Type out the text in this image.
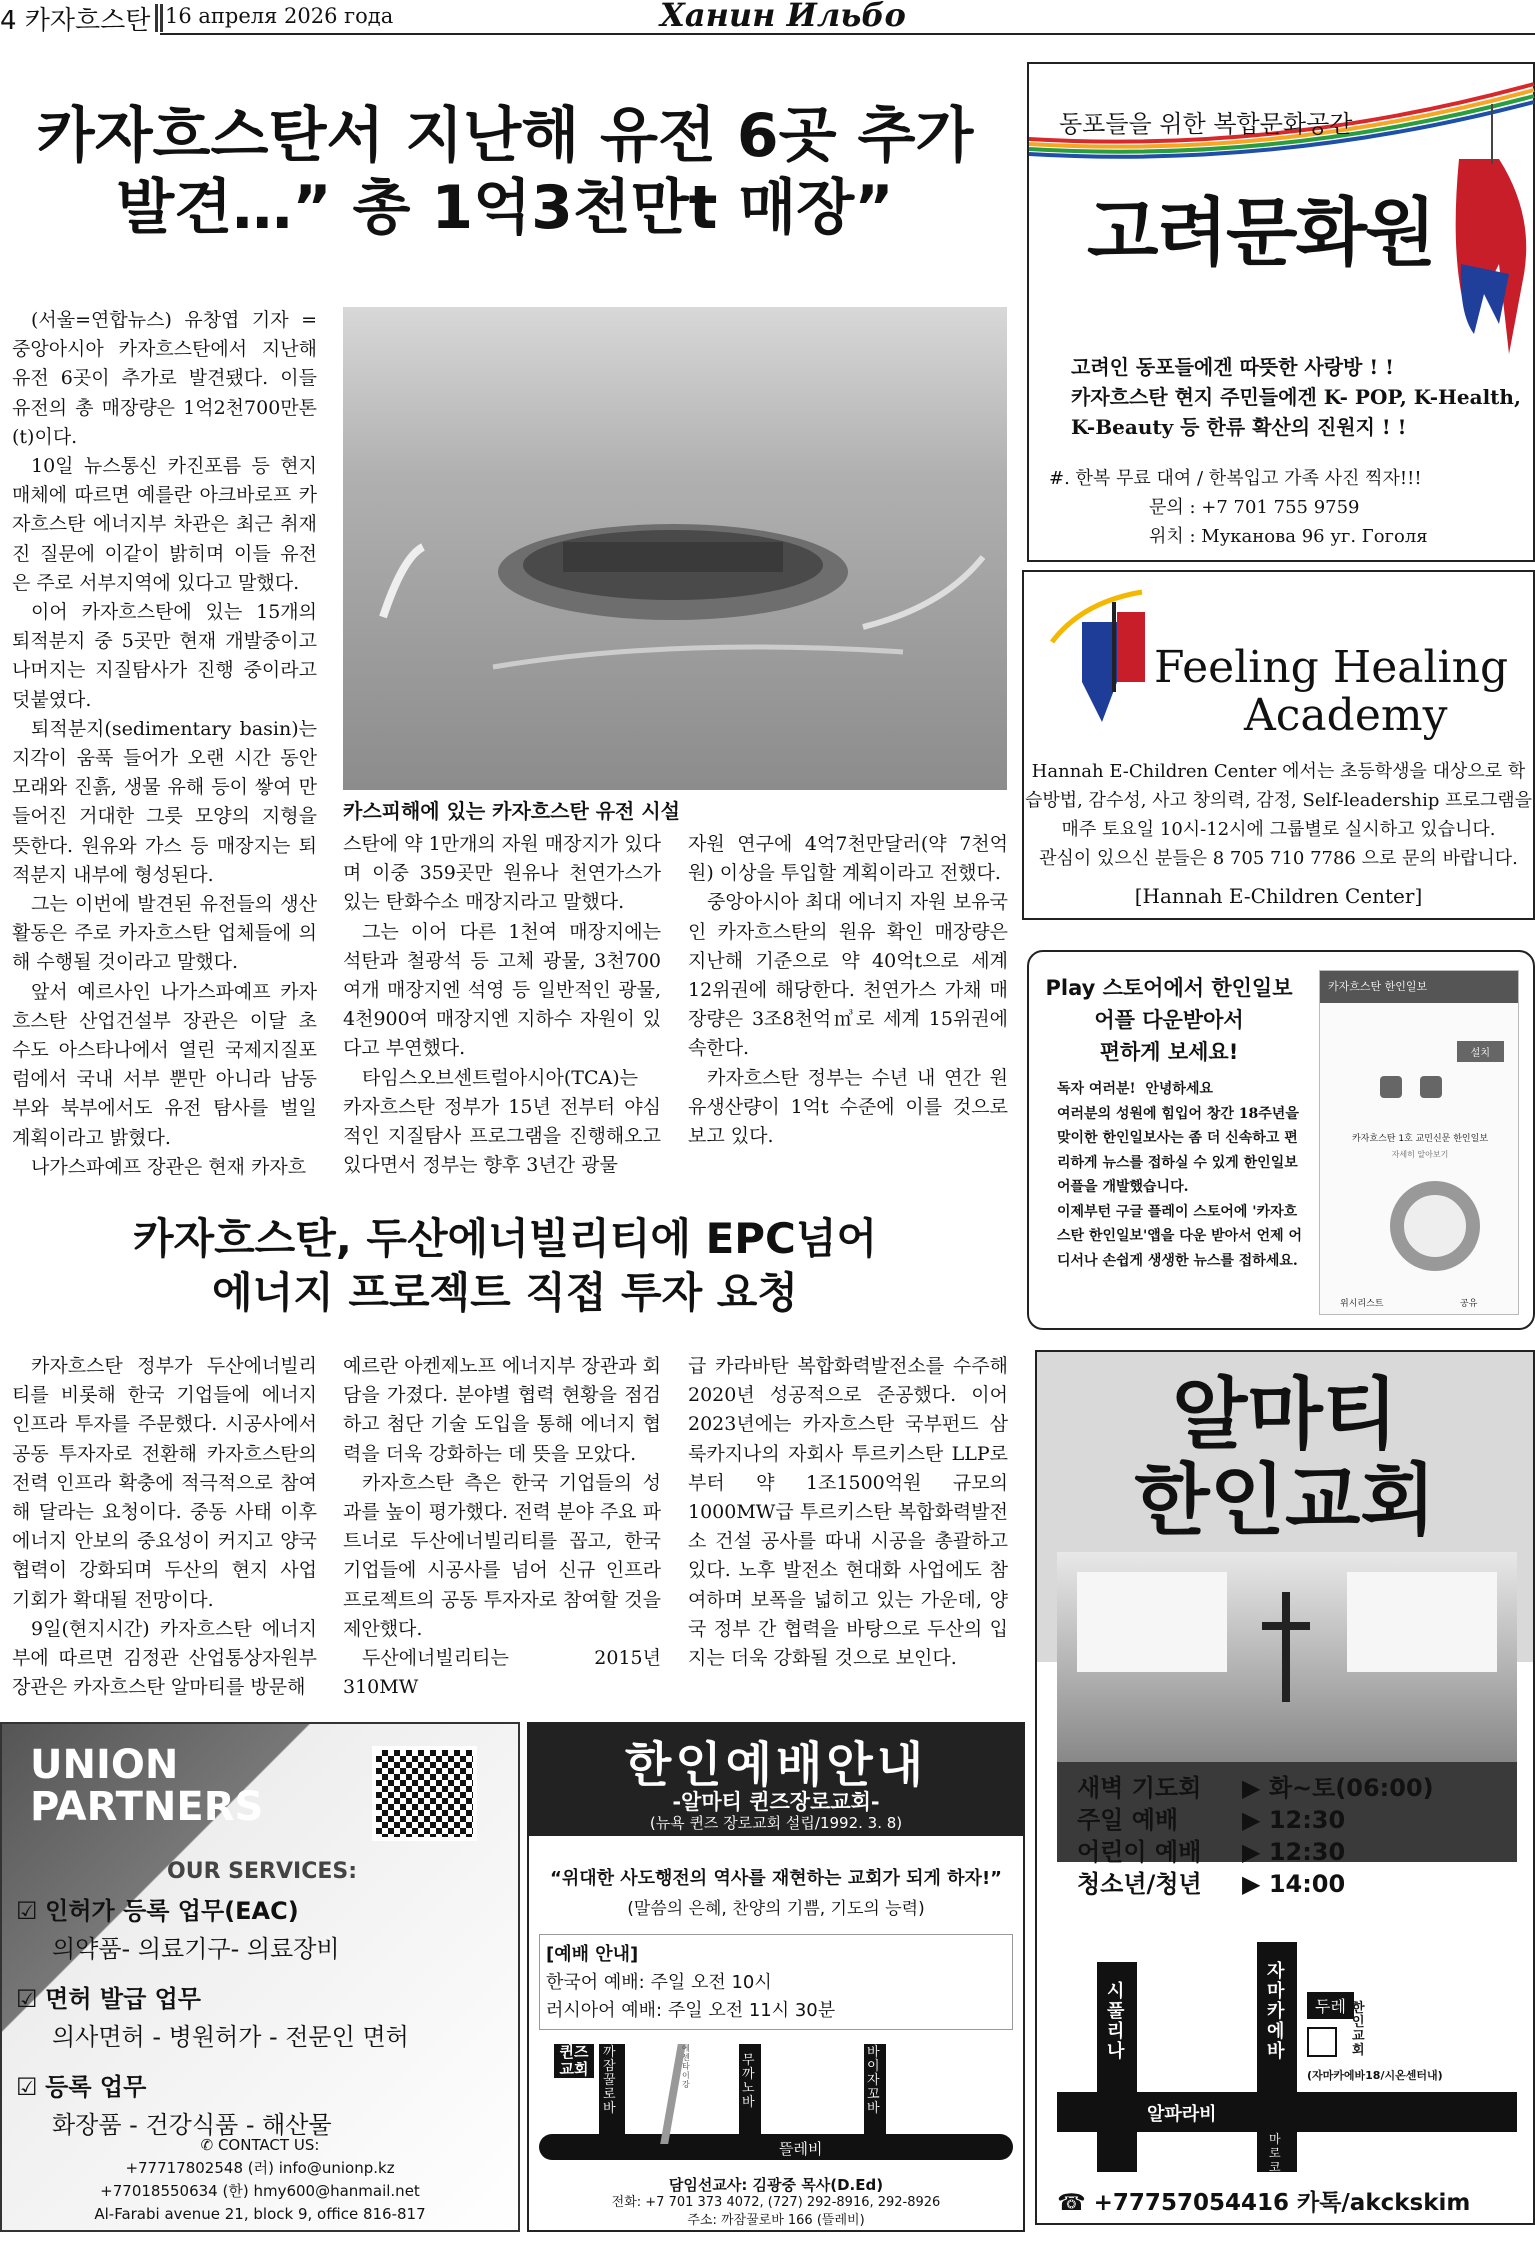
4 카자흐스탄 16 апреля 2026 года	Ханин Ильбо
카자흐스탄서 지난해 유전 6곳 추가
발견…” 총 1억3천만t 매장”
카스피해에 있는 카자흐스탄 유전 시설

(서울=연합뉴스) 유창엽 기자 = 중앙아시아 카자흐스탄에서 지난해 유전 6곳이 추가로 발견됐다. 이들 유전의 총 매장량은 1억2천700만톤(t)이다.

10일 뉴스통신 카진포름 등 현지 매체에 따르면 예를란 아크바로프 카자흐스탄 에너지부 차관은 최근 취재진 질문에 이같이 밝히며 이들 유전은 주로 서부지역에 있다고 말했다.

이어 카자흐스탄에 있는 15개의 퇴적분지 중 5곳만 현재 개발중이고 나머지는 지질탐사가 진행 중이라고 덧붙였다.

퇴적분지(sedimentary basin)는 지각이 움푹 들어가 오랜 시간 동안 모래와 진흙, 생물 유해 등이 쌓여 만들어진 거대한 그릇 모양의 지형을 뜻한다. 원유와 가스 등 매장지는 퇴적분지 내부에 형성된다.

그는 이번에 발견된 유전들의 생산 활동은 주로 카자흐스탄 업체들에 의해 수행될 것이라고 말했다.

앞서 예르사인 나가스파예프 카자흐스탄 산업건설부 장관은 이달 초 수도 아스타나에서 열린 국제지질포럼에서 국내 서부 뿐만 아니라 남동부와 북부에서도 유전 탐사를 벌일 계획이라고 밝혔다.

나가스파예프 장관은 현재 카자흐

스탄에 약 1만개의 자원 매장지가 있다며 이중 359곳만 원유나 천연가스가 있는 탄화수소 매장지라고 말했다.

그는 이어 다른 1천여 매장지에는 석탄과 철광석 등 고체 광물, 3천700여개 매장지엔 석영 등 일반적인 광물, 4천900여 매장지엔 지하수 자원이 있다고 부연했다.

타임스오브센트럴아시아(TCA)는 카자흐스탄 정부가 15년 전부터 야심적인 지질탐사 프로그램을 진행해오고 있다면서 정부는 향후 3년간 광물

자원 연구에 4억7천만달러(약 7천억원) 이상을 투입할 계획이라고 전했다.

중앙아시아 최대 에너지 자원 보유국인 카자흐스탄의 원유 확인 매장량은 지난해 기준으로 약 40억t으로 세계 12위권에 해당한다. 천연가스 가채 매장량은 3조8천억㎥로 세계 15위권에 속한다.

카자흐스탄 정부는 수년 내 연간 원유생산량이 1억t 수준에 이를 것으로 보고 있다.

카자흐스탄, 두산에너빌리티에 EPC넘어
에너지 프로젝트 직접 투자 요청

카자흐스탄 정부가 두산에너빌리티를 비롯해 한국 기업들에 에너지 인프라 투자를 주문했다. 시공사에서 공동 투자자로 전환해 카자흐스탄의 전력 인프라 확충에 적극적으로 참여해 달라는 요청이다. 중동 사태 이후 에너지 안보의 중요성이 커지고 양국 협력이 강화되며 두산의 현지 사업 기회가 확대될 전망이다.

9일(현지시간) 카자흐스탄 에너지부에 따르면 김정관 산업통상자원부 장관은 카자흐스탄 알마티를 방문해

예르란 아켄제노프 에너지부 장관과 회담을 가졌다. 분야별 협력 현황을 점검하고 첨단 기술 도입을 통해 에너지 협력을 더욱 강화하는 데 뜻을 모았다.

카자흐스탄 측은 한국 기업들의 성과를 높이 평가했다. 전력 분야 주요 파트너로 두산에너빌리티를 꼽고, 한국 기업들에 시공사를 넘어 신규 인프라 프로젝트의 공동 투자자로 참여할 것을 제안했다.

두산에너빌리티는 2015년 310MW

급 카라바탄 복합화력발전소를 수주해 2020년 성공적으로 준공했다. 이어 2023년에는 카자흐스탄 국부펀드 삼룩카지나의 자회사 투르키스탄 LLP로부터 약 1조1500억원 규모의 1000MW급 투르키스탄 복합화력발전소 건설 공사를 따내 시공을 총괄하고 있다. 노후 발전소 현대화 사업에도 참여하며 보폭을 넓히고 있는 가운데, 양국 정부 간 협력을 바탕으로 두산의 입지는 더욱 강화될 것으로 보인다.

동포들을 위한 복합문화공간
고려문화원
고려인 동포들에겐 따뜻한 사랑방 ! !
카자흐스탄 현지 주민들에겐 K- POP, K-Health,
K-Beauty 등 한류 확산의 진원지 ! !
#. 한복 무료 대여 / 한복입고 가족 사진 찍자!!!
문의 : +7 701 755 9759
위치 : Муканова 96 уг. Гоголя
Feeling Healing
Academy
Hannah E-Children Center 에서는 초등학생을 대상으로 학
습방법, 감수성, 사고 창의력, 감정, Self-leadership 프로그램을
매주 토요일 10시-12시에 그룹별로 실시하고 있습니다.
관심이 있으신 분들은 8 705 710 7786 으로 문의 바랍니다.
[Hannah E-Children Center]
Play 스토어에서 한인일보
어플 다운받아서
편하게 보세요!
독자 여러분!  안녕하세요
여러분의 성원에 힘입어 창간 18주년을 맞이한 한인일보사는 좀 더 신속하고 편리하게 뉴스를 접하실 수 있게 한인일보 어플을 개발했습니다.
이제부턴 구글 플레이 스토어에 '카자흐스탄 한인일보'앱을 다운 받아서 언제 어디서나 손쉽게 생생한 뉴스를 접하세요.
카자흐스탄 한인일보
설치
카자흐스탄 1호 교민신문 한인일보
자세히 알아보기
위시리스트	공유
알마티
한인교회
새벽 기도회 ▶ 화~토(06:00)
주일 예배	▶ 12:30
어린이 예배 ▶ 12:30
청소년/청년 ▶ 14:00
시풀리나
자마카에바
알파라비
마로코바
두레 한인교회
(자마카에바18/시온센터내)
☎ +77757054416 카톡/akckskim
UNION
PARTNERS
OUR SERVICES:
☑ 인허가 등록 업무(EAC)
의약품- 의료기구- 의료장비
☑ 면허 발급 업무
의사면허 - 병원허가 - 전문인 면허
☑ 등록 업무
화장품 - 건강식품 - 해산물
✆ CONTACT US:
+77717802548 (러) info@unionp.kz
+77018550634 (한) hmy600@hanmail.net
Al-Farabi avenue 21, block 9, office 816-817
한인예배안내
-알마티 퀸즈장로교회-
(뉴욕 퀸즈 장로교회 설립/1992. 3. 8)
“위대한 사도행전의 역사를 재현하는 교회가 되게 하자!”
(말씀의 은혜, 찬양의 기쁨, 기도의 능력)
[예배 안내]
한국어 예배: 주일 오전 10시
러시아어 예배: 주일 오전 11시 30분
퀸즈 교회
까잠꿀로바
무까노바
바이자꼬바
뜰레비
에센타이 강
담임선교사: 김광중 목사(D.Ed)
전화: +7 701 373 4072, (727) 292-8916, 292-8926
주소: 까잠꿀로바 166 (뜰레비)
